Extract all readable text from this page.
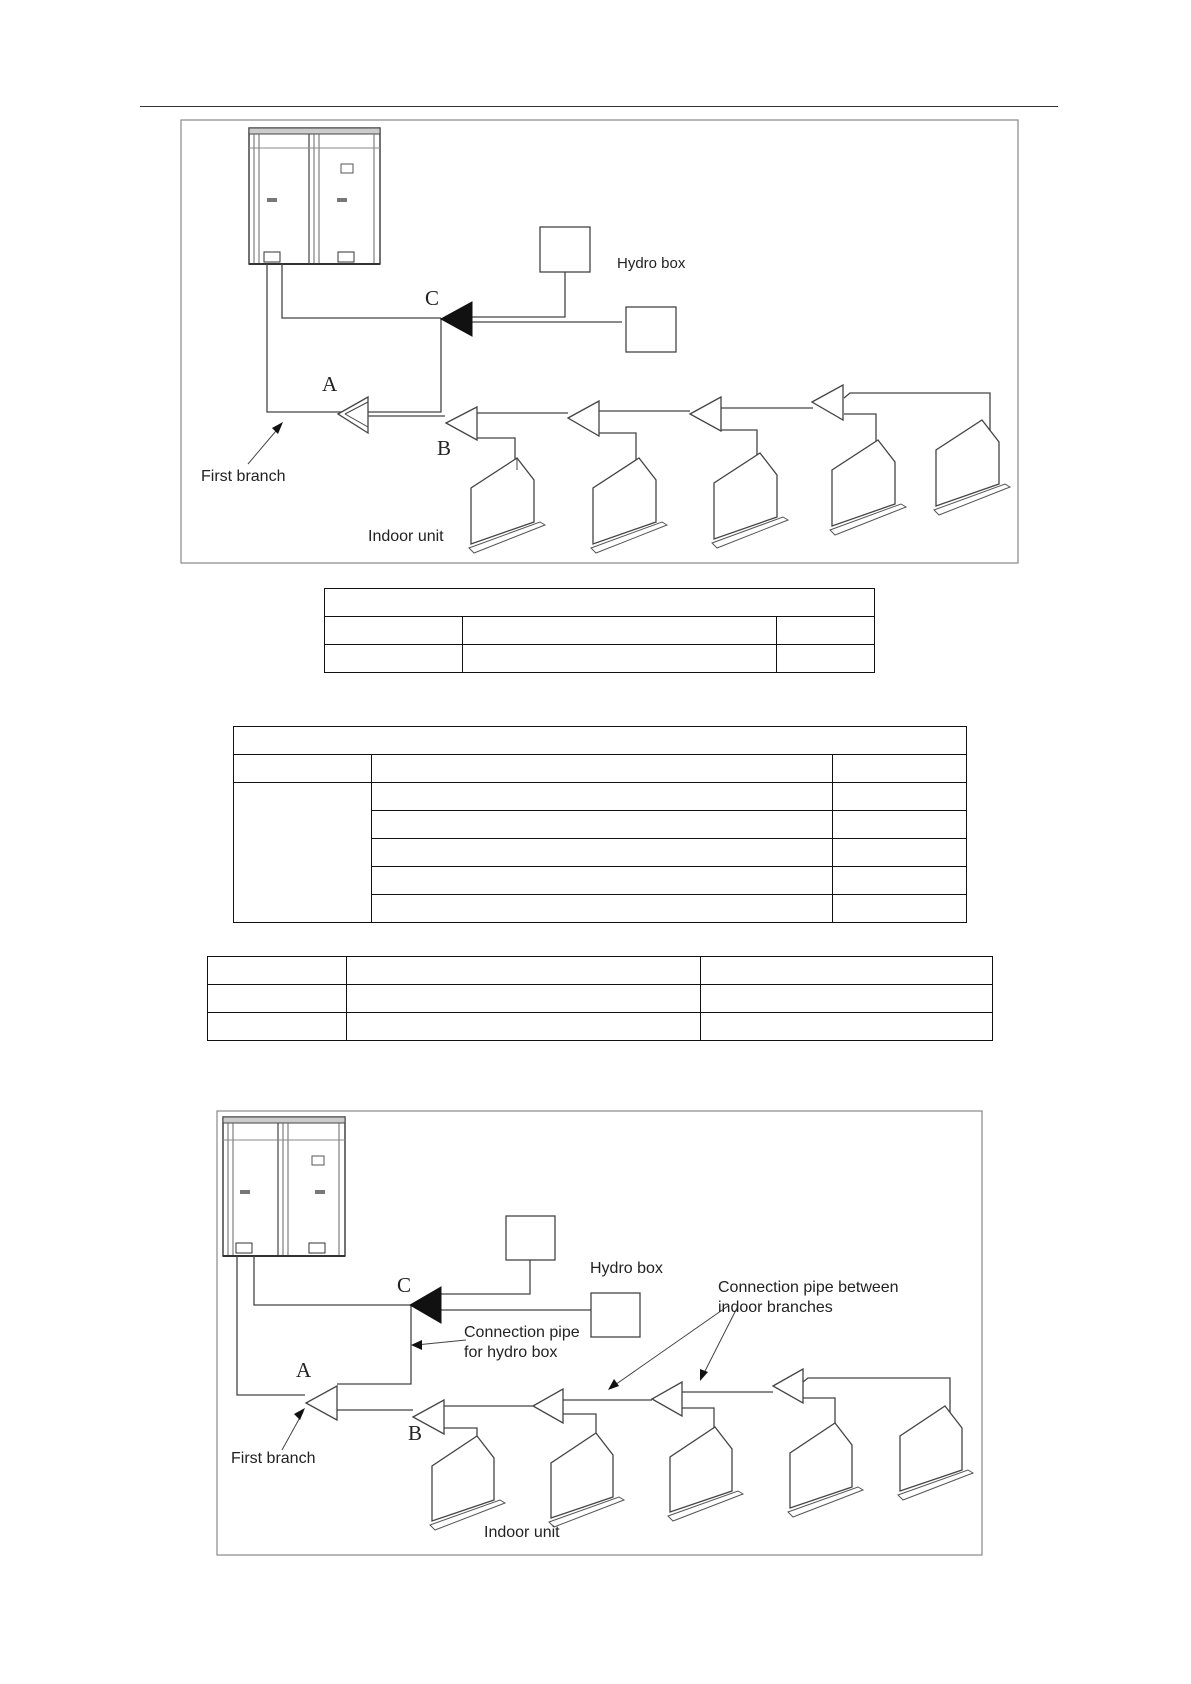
Hydro box
C
A
B
First branch
Indoor unit

Hydro box
C
A
B
Connection pipe
for hydro box
Connection pipe between
indoor branches
First branch
Indoor unit
